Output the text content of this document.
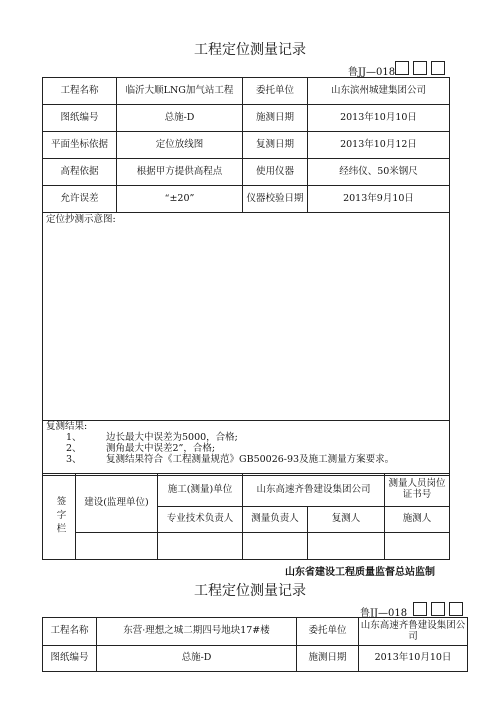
工程定位测量记录
鲁JJ—018
工程名称	临沂大顺LNG加气站工程	委托单位	山东滨州城建集团公司
图纸编号	总施-D	施测日期	2013年10月10日
平面坐标依据	定位放线图	复测日期	2013年10月12日
高程依据	根据甲方提供高程点	使用仪器	经纬仪、50米钢尺
允许误差	“±20”	仪器校验日期	2013年9月10日
定位抄测示意图:			

复测结果:

1、 边长最大中误差为5000，合格;

2、 测角最大中误差2”，合格;

3、 复测结果符合《工程测量规范》GB50026-93及施工测量方案要求。			

签字栏	建设(监理单位)	施工(测量)单位	山东高速齐鲁建设集团公司		测量人员岗位证书号
		专业技术负责人	测量负责人	复测人	施测人

山东省建设工程质量监督总站监制
工程定位测量记录
鲁JJ—018
工程名称	东营·理想之城二期四号地块17#楼	委托单位	山东高速齐鲁建设集团公司
图纸编号	总施-D	施测日期	2013年10月10日
